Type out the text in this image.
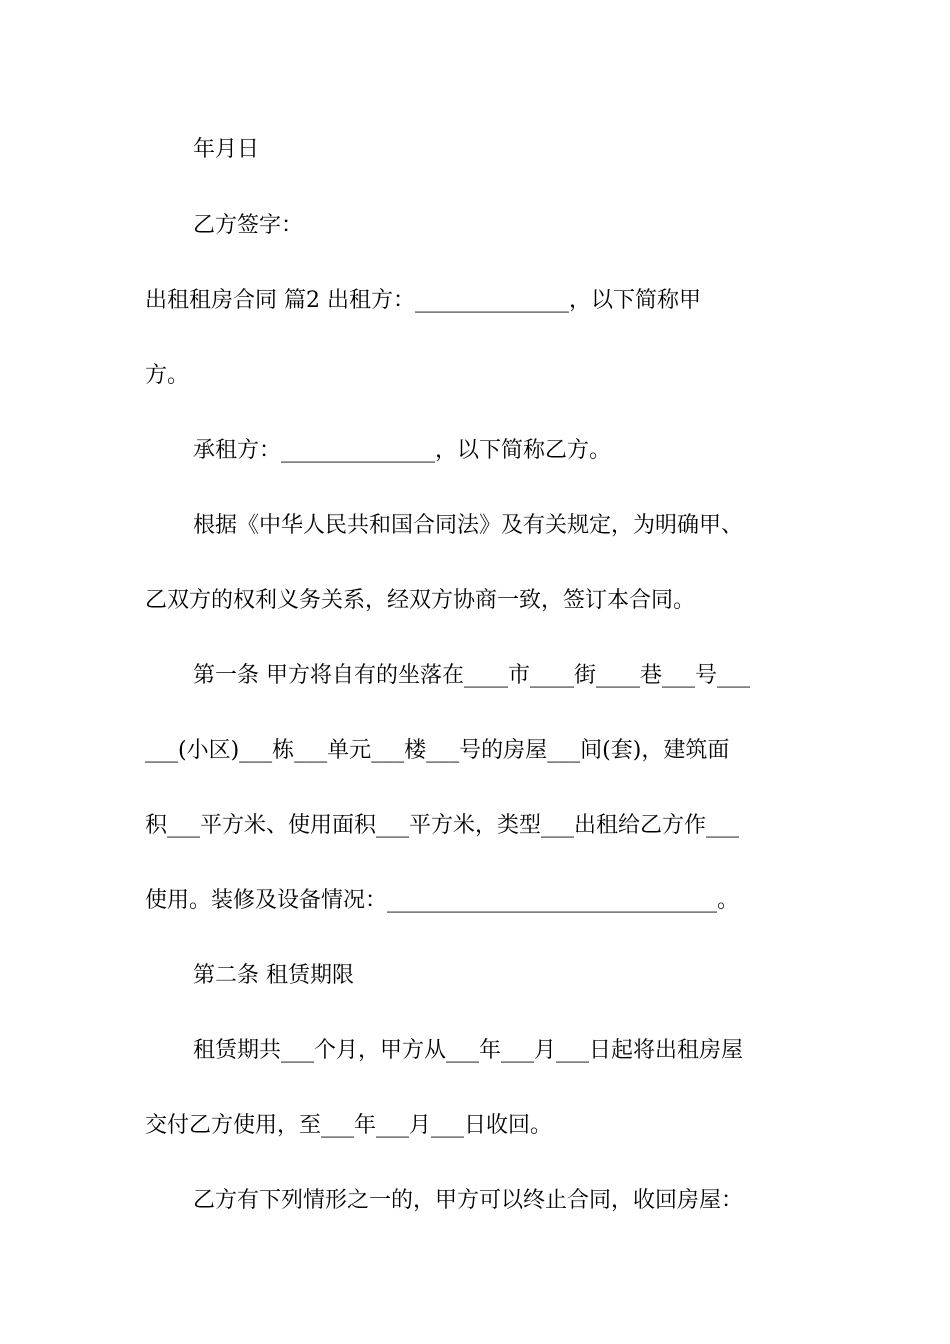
年月日
乙方签字：
出租租房合同 篇2 出租方：______________，以下简称甲
方。
承租方：______________，以下简称乙方。
根据《中华人民共和国合同法》及有关规定，为明确甲、
乙双方的权利义务关系，经双方协商一致，签订本合同。
第一条 甲方将自有的坐落在____市____街____巷___号___
___(小区)___栋___单元___楼___号的房屋___间(套)，建筑面
积___平方米、使用面积___平方米，类型___出租给乙方作___
使用。装修及设备情况：______________________________。
第二条 租赁期限
租赁期共___个月，甲方从___年___月___日起将出租房屋
交付乙方使用，至___年___月___日收回。
乙方有下列情形之一的，甲方可以终止合同，收回房屋：
